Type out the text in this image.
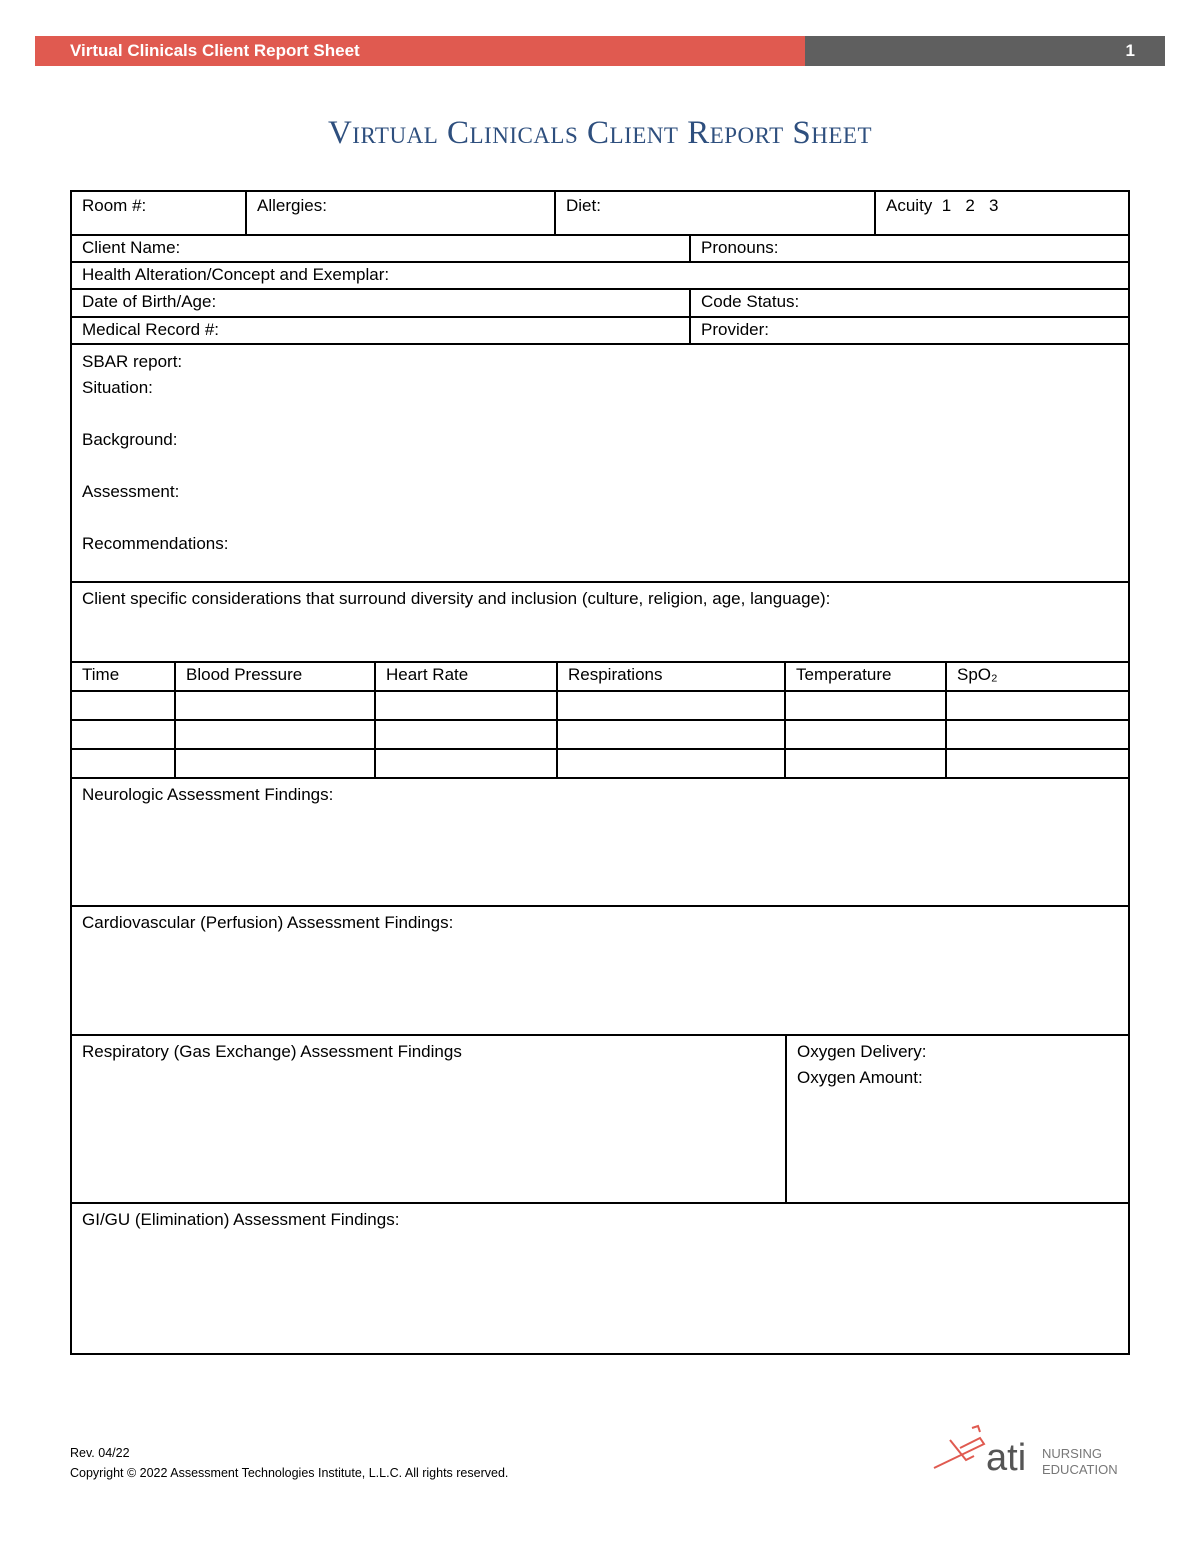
Virtual Clinicals Client Report Sheet	1
Virtual Clinicals Client Report Sheet
Room #:	Allergies:	Diet:	Acuity  1   2   3
Client Name:	Pronouns:
Health Alteration/Concept and Exemplar:
Date of Birth/Age:	Code Status:
Medical Record #:	Provider:
SBAR report:
Situation:
Background:
Assessment:
Recommendations:
Client specific considerations that surround diversity and inclusion (culture, religion, age, language):
Time	Blood Pressure	Heart Rate	Respirations	Temperature	SpO₂
Neurologic Assessment Findings:
Cardiovascular (Perfusion) Assessment Findings:
Respiratory (Gas Exchange) Assessment Findings	Oxygen Delivery:
Oxygen Amount:
GI/GU (Elimination) Assessment Findings:
Rev. 04/22
Copyright © 2022 Assessment Technologies Institute, L.L.C. All rights reserved.	ati NURSING
EDUCATION
